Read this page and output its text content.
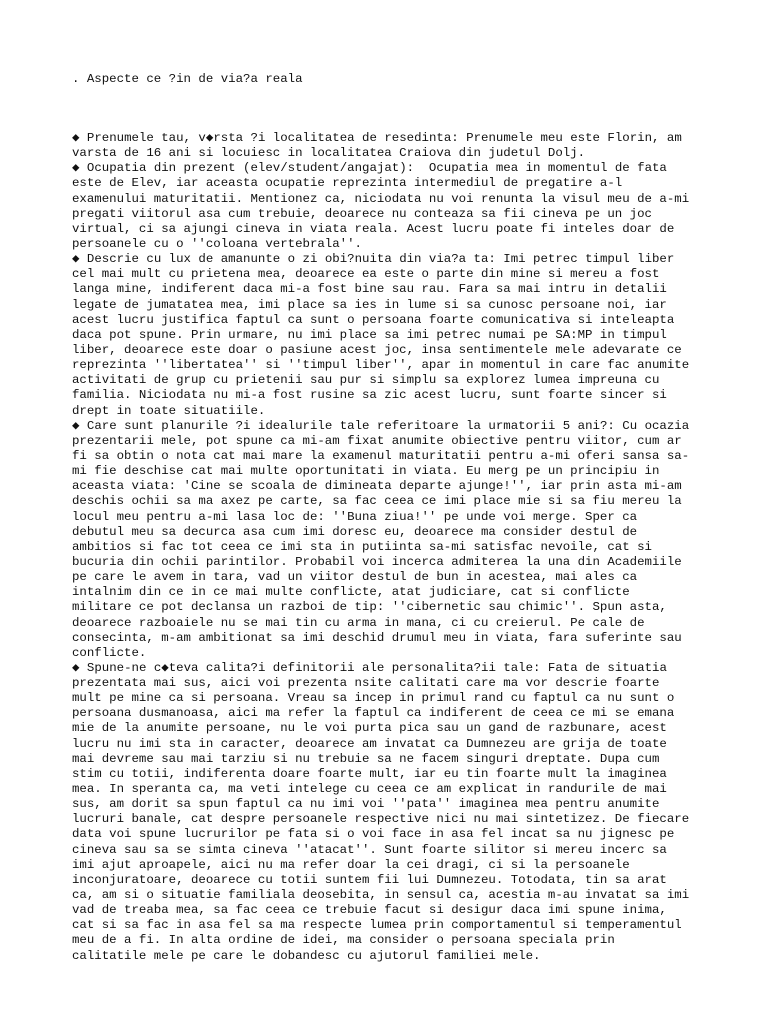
. Aspecte ce ?in de via?a reala
◆ Prenumele tau, v◆rsta ?i localitatea de resedinta: Prenumele meu este Florin, am
varsta de 16 ani si locuiesc in localitatea Craiova din judetul Dolj.
◆ Ocupatia din prezent (elev/student/angajat):  Ocupatia mea in momentul de fata
este de Elev, iar aceasta ocupatie reprezinta intermediul de pregatire a-l
examenului maturitatii. Mentionez ca, niciodata nu voi renunta la visul meu de a-mi
pregati viitorul asa cum trebuie, deoarece nu conteaza sa fii cineva pe un joc
virtual, ci sa ajungi cineva in viata reala. Acest lucru poate fi inteles doar de
persoanele cu o ''coloana vertebrala''.
◆ Descrie cu lux de amanunte o zi obi?nuita din via?a ta: Imi petrec timpul liber
cel mai mult cu prietena mea, deoarece ea este o parte din mine si mereu a fost
langa mine, indiferent daca mi-a fost bine sau rau. Fara sa mai intru in detalii
legate de jumatatea mea, imi place sa ies in lume si sa cunosc persoane noi, iar
acest lucru justifica faptul ca sunt o persoana foarte comunicativa si inteleapta
daca pot spune. Prin urmare, nu imi place sa imi petrec numai pe SA:MP in timpul
liber, deoarece este doar o pasiune acest joc, insa sentimentele mele adevarate ce
reprezinta ''libertatea'' si ''timpul liber'', apar in momentul in care fac anumite
activitati de grup cu prietenii sau pur si simplu sa explorez lumea impreuna cu
familia. Niciodata nu mi-a fost rusine sa zic acest lucru, sunt foarte sincer si
drept in toate situatiile.
◆ Care sunt planurile ?i idealurile tale referitoare la urmatorii 5 ani?: Cu ocazia
prezentarii mele, pot spune ca mi-am fixat anumite obiective pentru viitor, cum ar
fi sa obtin o nota cat mai mare la examenul maturitatii pentru a-mi oferi sansa sa-
mi fie deschise cat mai multe oportunitati in viata. Eu merg pe un principiu in
aceasta viata: 'Cine se scoala de dimineata departe ajunge!'', iar prin asta mi-am
deschis ochii sa ma axez pe carte, sa fac ceea ce imi place mie si sa fiu mereu la
locul meu pentru a-mi lasa loc de: ''Buna ziua!'' pe unde voi merge. Sper ca
debutul meu sa decurca asa cum imi doresc eu, deoarece ma consider destul de
ambitios si fac tot ceea ce imi sta in putiinta sa-mi satisfac nevoile, cat si
bucuria din ochii parintilor. Probabil voi incerca admiterea la una din Academiile
pe care le avem in tara, vad un viitor destul de bun in acestea, mai ales ca
intalnim din ce in ce mai multe conflicte, atat judiciare, cat si conflicte
militare ce pot declansa un razboi de tip: ''cibernetic sau chimic''. Spun asta,
deoarece razboaiele nu se mai tin cu arma in mana, ci cu creierul. Pe cale de
consecinta, m-am ambitionat sa imi deschid drumul meu in viata, fara suferinte sau
conflicte.
◆ Spune-ne c◆teva calita?i definitorii ale personalita?ii tale: Fata de situatia
prezentata mai sus, aici voi prezenta nsite calitati care ma vor descrie foarte
mult pe mine ca si persoana. Vreau sa incep in primul rand cu faptul ca nu sunt o
persoana dusmanoasa, aici ma refer la faptul ca indiferent de ceea ce mi se emana
mie de la anumite persoane, nu le voi purta pica sau un gand de razbunare, acest
lucru nu imi sta in caracter, deoarece am invatat ca Dumnezeu are grija de toate
mai devreme sau mai tarziu si nu trebuie sa ne facem singuri dreptate. Dupa cum
stim cu totii, indiferenta doare foarte mult, iar eu tin foarte mult la imaginea
mea. In speranta ca, ma veti intelege cu ceea ce am explicat in randurile de mai
sus, am dorit sa spun faptul ca nu imi voi ''pata'' imaginea mea pentru anumite
lucruri banale, cat despre persoanele respective nici nu mai sintetizez. De fiecare
data voi spune lucrurilor pe fata si o voi face in asa fel incat sa nu jignesc pe
cineva sau sa se simta cineva ''atacat''. Sunt foarte silitor si mereu incerc sa
imi ajut aproapele, aici nu ma refer doar la cei dragi, ci si la persoanele
inconjuratoare, deoarece cu totii suntem fii lui Dumnezeu. Totodata, tin sa arat
ca, am si o situatie familiala deosebita, in sensul ca, acestia m-au invatat sa imi
vad de treaba mea, sa fac ceea ce trebuie facut si desigur daca imi spune inima,
cat si sa fac in asa fel sa ma respecte lumea prin comportamentul si temperamentul
meu de a fi. In alta ordine de idei, ma consider o persoana speciala prin
calitatile mele pe care le dobandesc cu ajutorul familiei mele.
